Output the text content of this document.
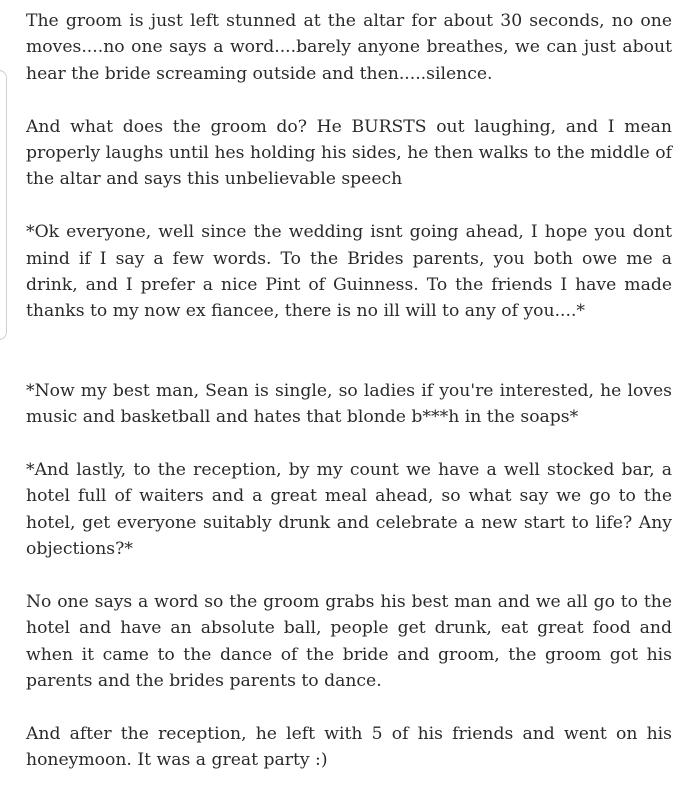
The groom is just left stunned at the altar for about 30 seconds, no one moves....no one says a word....barely anyone breathes, we can just about hear the bride screaming outside and then.....silence.

And what does the groom do? He BURSTS out laughing, and I mean properly laughs until hes holding his sides, he then walks to the middle of the altar and says this unbelievable speech

*Ok everyone, well since the wedding isnt going ahead, I hope you dont mind if I say a few words. To the Brides parents, you both owe me a drink, and I prefer a nice Pint of Guinness. To the friends I have made thanks to my now ex fiancee, there is no ill will to any of you....*

*Now my best man, Sean is single, so ladies if you're interested, he loves music and basketball and hates that blonde b***h in the soaps*

*And lastly, to the reception, by my count we have a well stocked bar, a hotel full of waiters and a great meal ahead, so what say we go to the hotel, get everyone suitably drunk and celebrate a new start to life? Any objections?*

No one says a word so the groom grabs his best man and we all go to the hotel and have an absolute ball, people get drunk, eat great food and when it came to the dance of the bride and groom, the groom got his parents and the brides parents to dance.

And after the reception, he left with 5 of his friends and went on his honeymoon. It was a great party :)
